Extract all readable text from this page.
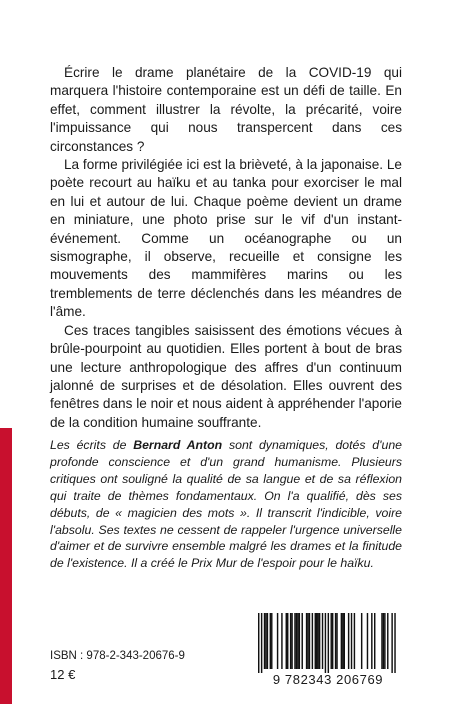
Écrire le drame planétaire de la COVID-19 qui marquera l'histoire contemporaine est un défi de taille. En effet, comment illustrer la révolte, la précarité, voire l'impuissance qui nous transpercent dans ces circonstances ?

La forme privilégiée ici est la brièveté, à la japonaise. Le poète recourt au haïku et au tanka pour exorciser le mal en lui et autour de lui. Chaque poème devient un drame en miniature, une photo prise sur le vif d'un instant-événement. Comme un océanographe ou un sismographe, il observe, recueille et consigne les mouvements des mammifères marins ou les tremblements de terre déclenchés dans les méandres de l'âme.

Ces traces tangibles saisissent des émotions vécues à brûle-pourpoint au quotidien. Elles portent à bout de bras une lecture anthropologique des affres d'un continuum jalonné de surprises et de désolation. Elles ouvrent des fenêtres dans le noir et nous aident à appréhender l'aporie de la condition humaine souffrante.

Les écrits de Bernard Anton sont dynamiques, dotés d'une profonde conscience et d'un grand humanisme. Plusieurs critiques ont souligné la qualité de sa langue et de sa réflexion qui traite de thèmes fondamentaux. On l'a qualifié, dès ses débuts, de « magicien des mots ». Il transcrit l'indicible, voire l'absolu. Ses textes ne cessent de rappeler l'urgence universelle d'aimer et de survivre ensemble malgré les drames et la finitude de l'existence. Il a créé le Prix Mur de l'espoir pour le haïku.

ISBN : 978-2-343-20676-9
12 €	9 782343 206769
